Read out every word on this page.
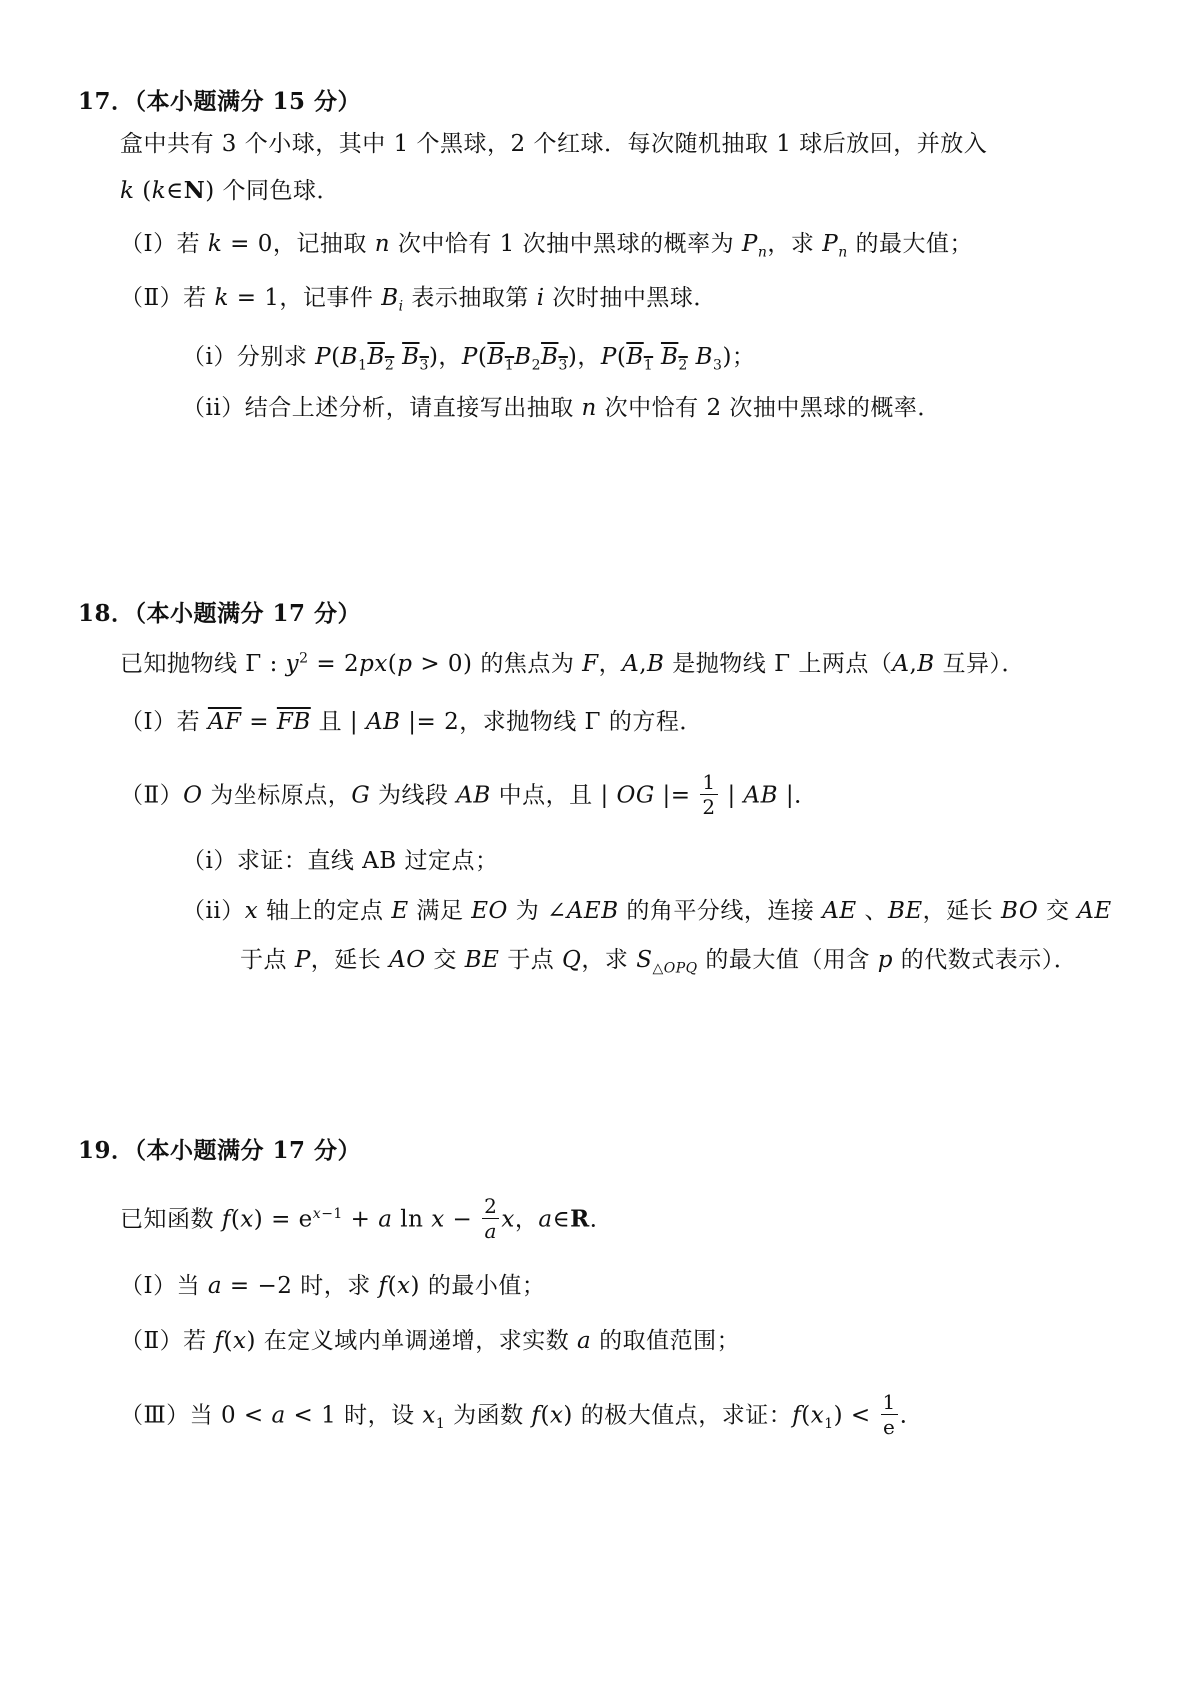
17．（本小题满分 15 分）
盒中共有 3 个小球，其中 1 个黑球，2 个红球．每次随机抽取 1 球后放回，并放入
k (k∈N) 个同色球．
（Ⅰ）若 k = 0，记抽取 n 次中恰有 1 次抽中黑球的概率为 $P_n$，求 $P_n$ 的最大值；
（Ⅱ）若 k = 1，记事件 $B_i$ 表示抽取第 i 次时抽中黑球．
（i）分别求 $P(B_1B_2$ $B_3$)，$P(B_1B_2B_3)$，$P(B_1$ $B_2$ $B_3$)；
（ii）结合上述分析，请直接写出抽取 n 次中恰有 2 次抽中黑球的概率．
18．（本小题满分 17 分）
已知抛物线 Γ : $y^2 = 2px(p > 0)$ 的焦点为 F，A,B 是抛物线 Γ 上两点（A,B 互异）．
（Ⅰ）若 $\overline{AF} = \overline{FB}$ 且 | AB |= 2，求抛物线 Γ 的方程．
（Ⅱ）O 为坐标原点，G 为线段 AB 中点，且 | OG |= $\frac{1}{2}$ | AB |．
（i）求证：直线 AB 过定点；
（ii）x 轴上的定点 E 满足 EO 为 ∠AEB 的角平分线，连接 AE 、BE，延长 BO 交 AE
于点 P，延长 AO 交 BE 于点 Q，求 $S_{\triangle OPQ}$ 的最大值（用含 p 的代数式表示）．
19．（本小题满分 17 分）
已知函数 $f(x) = e^{x-1} + a$ $\ln x - \frac{2}{a}$ x，a∈R．
（Ⅰ）当 a = −2 时，求 f(x) 的最小值；
（Ⅱ）若 f(x) 在定义域内单调递增，求实数 a 的取值范围；
（Ⅲ）当 0 < a < 1 时，设 $x_1$ 为函数 f(x) 的极大值点，求证：$f(x_1) < \frac{1}{e}$ ．
